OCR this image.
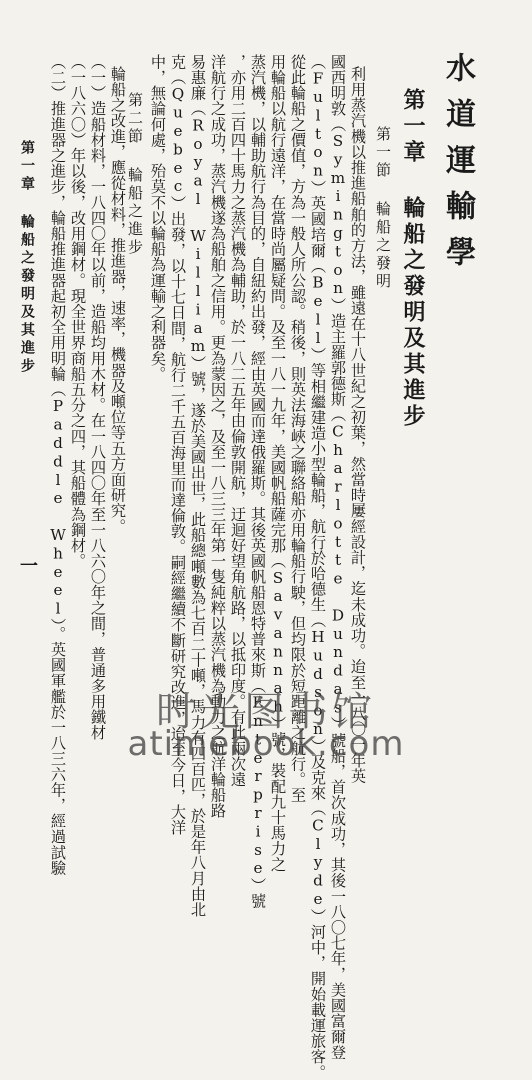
水道運輸學
第一章 輪船之發明及其進步
第一節 輪船之發明
利用蒸汽機以推進船舶的方法，雖遠在十八世紀之初葉，然當時屢經設計，迄未成功。迨至一八〇一年英
國西明敦（Symington）造主羅郭德斯（Charlotte Dundas）號船，首次成功，其後一八〇七年，美國富爾登
（Fulton）英國培爾（Bell）等相繼建造小型輪船，航行於哈德生（Hudson）及克來（Clyde）河中，開始載運旅客。
從此輪船之價值，方為一般人所公認。稍後，則英法海峽之聯絡船亦用輪船行駛，但均限於短距離之航行。至
用輪船以航行遠洋，在當時尚屬疑問。及至一八一九年，美國帆船薩完那（Savannah）號，裝配九十馬力之
蒸汽機，以輔助航行為目的，自紐約出發，經由英國而達俄羅斯。其後英國帆船恩特普來斯（Enterprise）號
，亦用二百四十馬力之蒸汽機為輔助，於一八二五年由倫敦開航，迂迴好望角航路，以抵印度。有此兩次遠
洋航行之成功，蒸汽機遂為船舶之信用。更為蒙因之，及至一八三三年第一隻純粹以蒸汽機為動力之航洋輪船路
易惠廉（Royal William）號，遂於美國出世，此船總噸數為七百二十噸，馬力有四百匹，於是年八月由北
克（Quebec）出發，以十七日間，航行二千五百海里而達倫敦。嗣經繼續不斷研究改進，迨至今日，大洋
中，無論何處，殆莫不以輪船為運輸之利器矣。
第二節 輪船之進步
輪船之改進，應從材料，推進器，速率，機器及噸位等五方面研究。
（一）造船材料，一八四〇年以前，造船均用木材。在一八四〇年至一八六〇年之間，普通多用鐵材
（一八六〇）年以後，改用鋼材。現全世界商船五分之四，其船體為鋼材。
（二）推進器之進步，輪船推進器起初全用明輪（Paddle Wheel）。英國軍艦於一八三六年，經過試驗
第一章 輪船之發明及其進步
一
时光图书馆
atimebook.com
